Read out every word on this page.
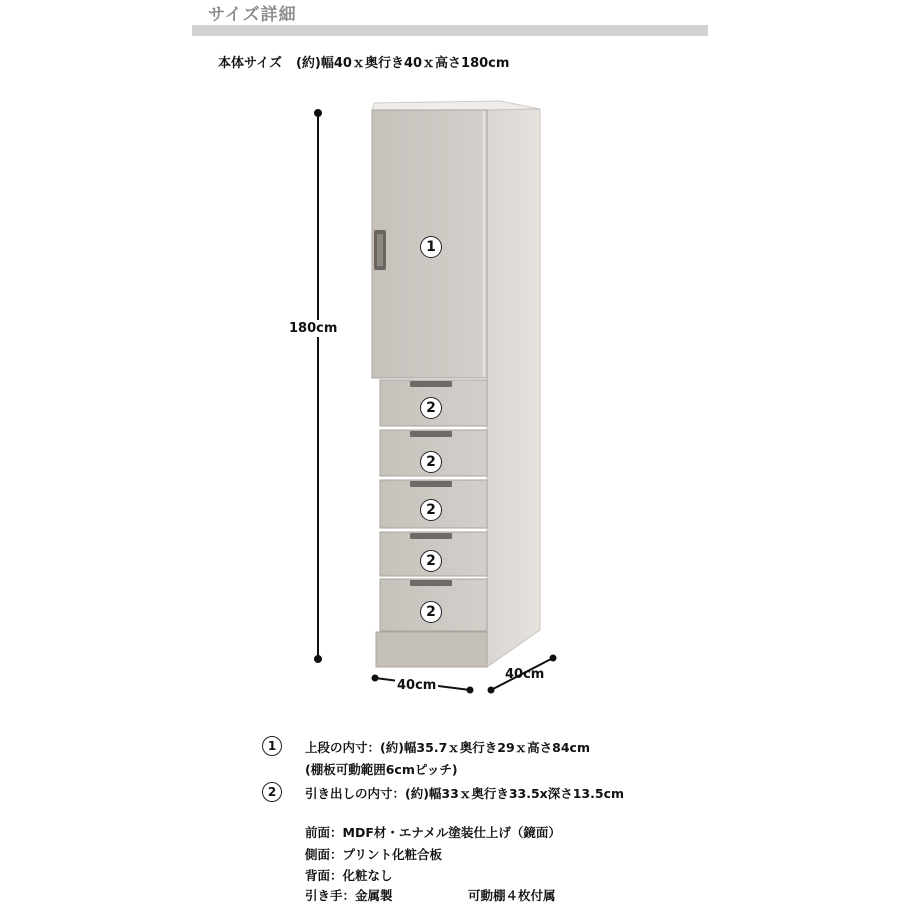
サイズ詳細
本体サイズ (約)幅40ｘ奥行き40ｘ高さ180cm
180cm
40cm
40cm
1
2
2
2
2
2
1	上段の内寸：(約)幅35.7ｘ奥行き29ｘ高さ84cm
(棚板可動範囲6cmピッチ)
2	引き出しの内寸：(約)幅33ｘ奥行き33.5x深さ13.5cm
前面：MDF材・エナメル塗装仕上げ（鏡面）
側面：プリント化粧合板
背面：化粧なし
引き手：金属製	可動棚４枚付属
